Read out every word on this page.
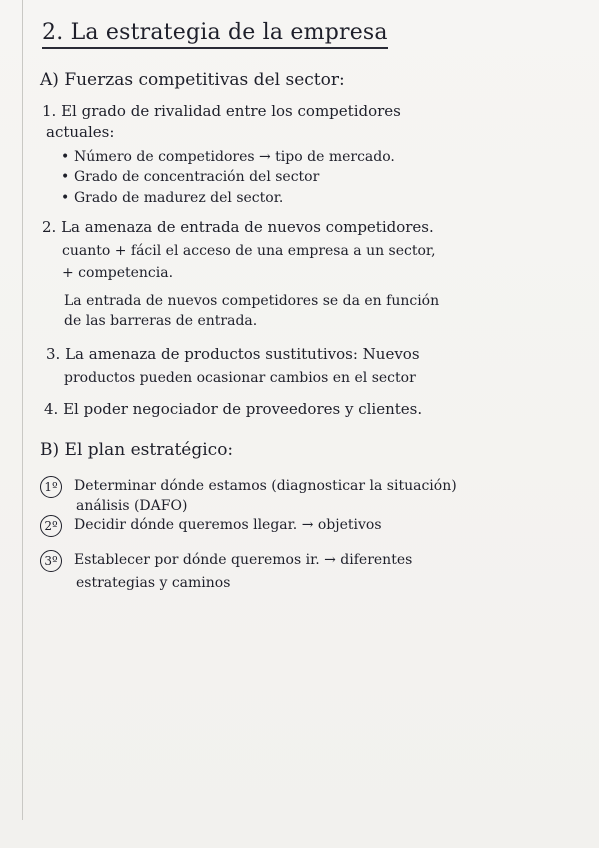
2. La estrategia de la empresa
A) Fuerzas competitivas del sector:
1. El grado de rivalidad entre los competidores
actuales:
• Número de competidores → tipo de mercado.
• Grado de concentración del sector
• Grado de madurez del sector.
2. La amenaza de entrada de nuevos competidores.
cuanto + fácil el acceso de una empresa a un sector,
+ competencia.
La entrada de nuevos competidores se da en función
de las barreras de entrada.
3. La amenaza de productos sustitutivos: Nuevos
productos pueden ocasionar cambios en el sector
4. El poder negociador de proveedores y clientes.
B) El plan estratégico:
1º	Determinar dónde estamos (diagnosticar la situación)
análisis (DAFO)
2º	Decidir dónde queremos llegar. → objetivos
3º	Establecer por dónde queremos ir. → diferentes
estrategias y caminos
